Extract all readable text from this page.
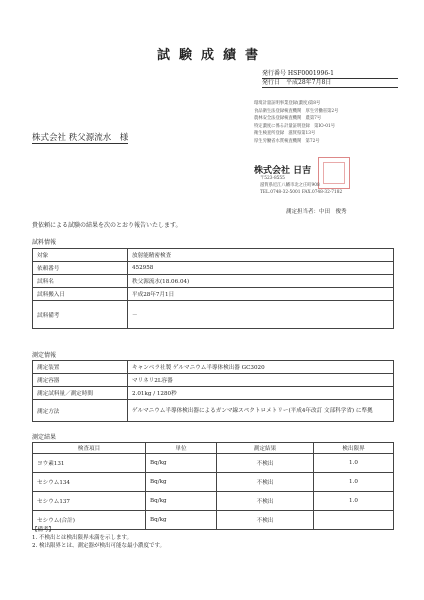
試験成績書
発行番号 HSF0001996-1
発行日　平成28年7月8日
環境計量証明事業登録(濃度)第8号
食品衛生法登録検査機関　厚生労働省第2号
農林安全法登録検査機関　農第7号
特定濃度に係る計量証明登録　第IO-01号
衛生検査所登録　滋賀県第13号
厚生労働省水質検査機関　第72号
株式会社 秩父源流水　様
株式会社 日吉
〒523-8555
滋賀県近江八幡市北之庄町908
TEL.0748-32-5001 FAX.0748-32-7182
測定担当者：中田　俊秀
貴依頼による試験の結果を次のとおり報告いたします。
試料情報
対象	放射能精密検査
依頼番号	452958
試料名	秩父源流水(18.06.04)
試料搬入日	平成28年7月1日
試料備考	－
測定情報
測定装置	キャンベラ社製 ゲルマニウム半導体検出器 GC3020
測定容器	マリネリ2L容器
測定試料量／測定時間	2.01kg / 1280秒
測定方法	ゲルマニウム半導体検出器によるガンマ線スペクトロメトリー(平成4年改訂 文部科学省) に準拠
測定結果
検査項目	単位	測定結果	検出限界
ヨウ素131	Bq/kg	不検出	1.0
セシウム134	Bq/kg	不検出	1.0
セシウム137	Bq/kg	不検出	1.0
セシウム(合計)	Bq/kg	不検出	
【備考】
1. 不検出とは検出限界未満を示します。
2. 検出限界とは、測定器が検出可能な最小濃度です。
